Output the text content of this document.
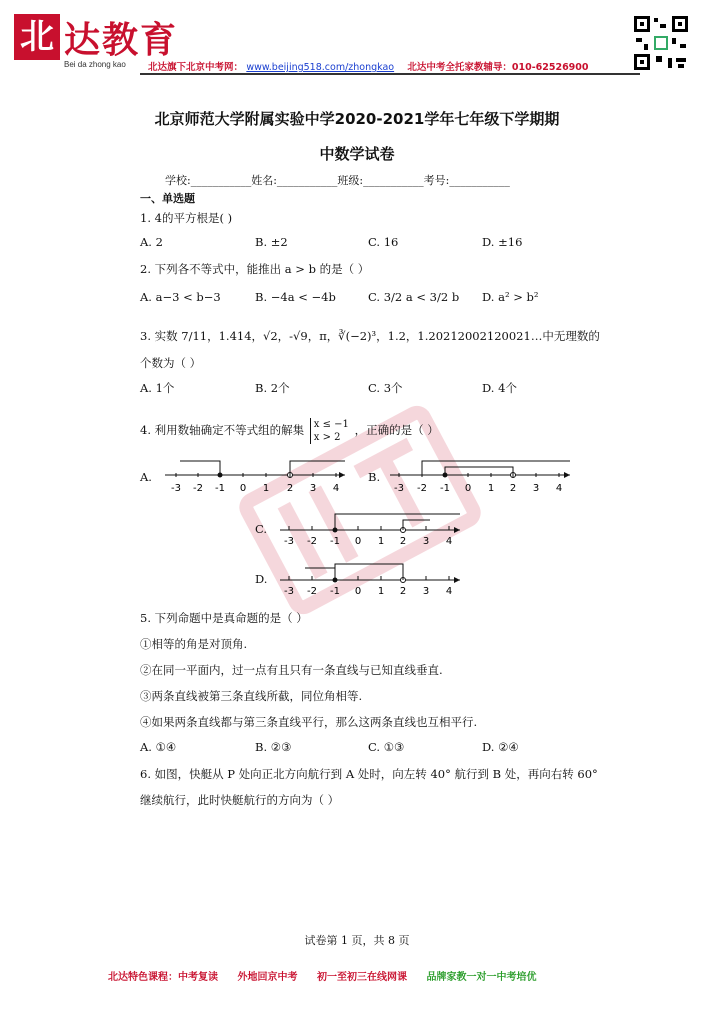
北 达教育
Bei da zhong kao 北达旗下北京中考网： www.beijing518.com/zhongkao 北达中考全托家教辅导：010-62526900
北京师范大学附属实验中学2020-2021学年七年级下学期期
中数学试卷
学校:___________姓名:___________班级:___________考号:___________
一、单选题
1. 4的平方根是( )
A. 2	B. ±2	C. 16	D. ±16
2. 下列各不等式中，能推出 a > b 的是（ ）
A. a−3 < b−3	B. −4a < −4b	C. 3/2 a < 3/2 b D. a² > b²
3. 实数 7/11，1.414，√2，-√9，π，∛(−2)³，1.2，1.20212002120021…中无理数的
个数为（ ）
A. 1个	B. 2个	C. 3个	D. 4个
4. 利用数轴确定不等式组的解集 x ≤ −1
x > 2 ，正确的是（ ）
A.	B.
C.
D.
-3 -2 -1 0 1 2 3 4	-3 -2 -1 0 1 2 3 4
-3 -2 -1 0 1 2 3 4
-3 -2 -1 0 1 2 3 4
5. 下列命题中是真命题的是（ ）
①相等的角是对顶角.
②在同一平面内，过一点有且只有一条直线与已知直线垂直.
③两条直线被第三条直线所截，同位角相等.
④如果两条直线都与第三条直线平行，那么这两条直线也互相平行.
A. ①④	B. ②③	C. ①③	D. ②④
6. 如图，快艇从 P 处向正北方向航行到 A 处时，向左转 40° 航行到 B 处，再向右转 60°
继续航行，此时快艇航行的方向为（ ）
试卷第 1 页，共 8 页
北达特色课程：中考复读 外地回京中考 初一至初三在线网课 品牌家教一对一中考培优
